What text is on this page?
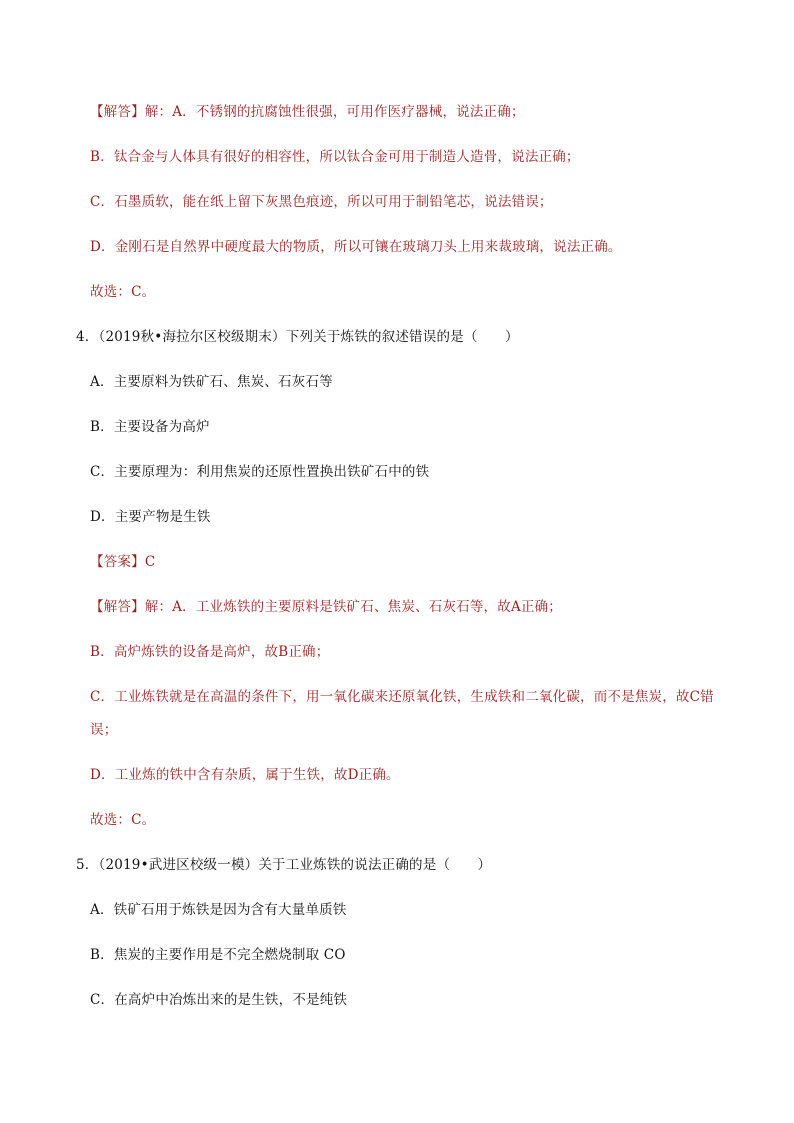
【解答】解：A．不锈钢的抗腐蚀性很强，可用作医疗器械，说法正确；
B．钛合金与人体具有很好的相容性，所以钛合金可用于制造人造骨，说法正确；
C．石墨质软，能在纸上留下灰黑色痕迹，所以可用于制铅笔芯，说法错误；
D．金刚石是自然界中硬度最大的物质，所以可镶在玻璃刀头上用来裁玻璃，说法正确。
故选：C。
4．（2019秋•海拉尔区校级期末）下列关于炼铁的叙述错误的是（　　）
A．主要原料为铁矿石、焦炭、石灰石等
B．主要设备为高炉
C．主要原理为：利用焦炭的还原性置换出铁矿石中的铁
D．主要产物是生铁
【答案】C
【解答】解：A．工业炼铁的主要原料是铁矿石、焦炭、石灰石等，故A正确；
B．高炉炼铁的设备是高炉，故B正确；
C．工业炼铁就是在高温的条件下，用一氧化碳来还原氧化铁，生成铁和二氧化碳，而不是焦炭，故C错
误；
D．工业炼的铁中含有杂质，属于生铁，故D正确。
故选：C。
5．（2019•武进区校级一模）关于工业炼铁的说法正确的是（　　）
A．铁矿石用于炼铁是因为含有大量单质铁
B．焦炭的主要作用是不完全燃烧制取 CO
C．在高炉中冶炼出来的是生铁，不是纯铁
